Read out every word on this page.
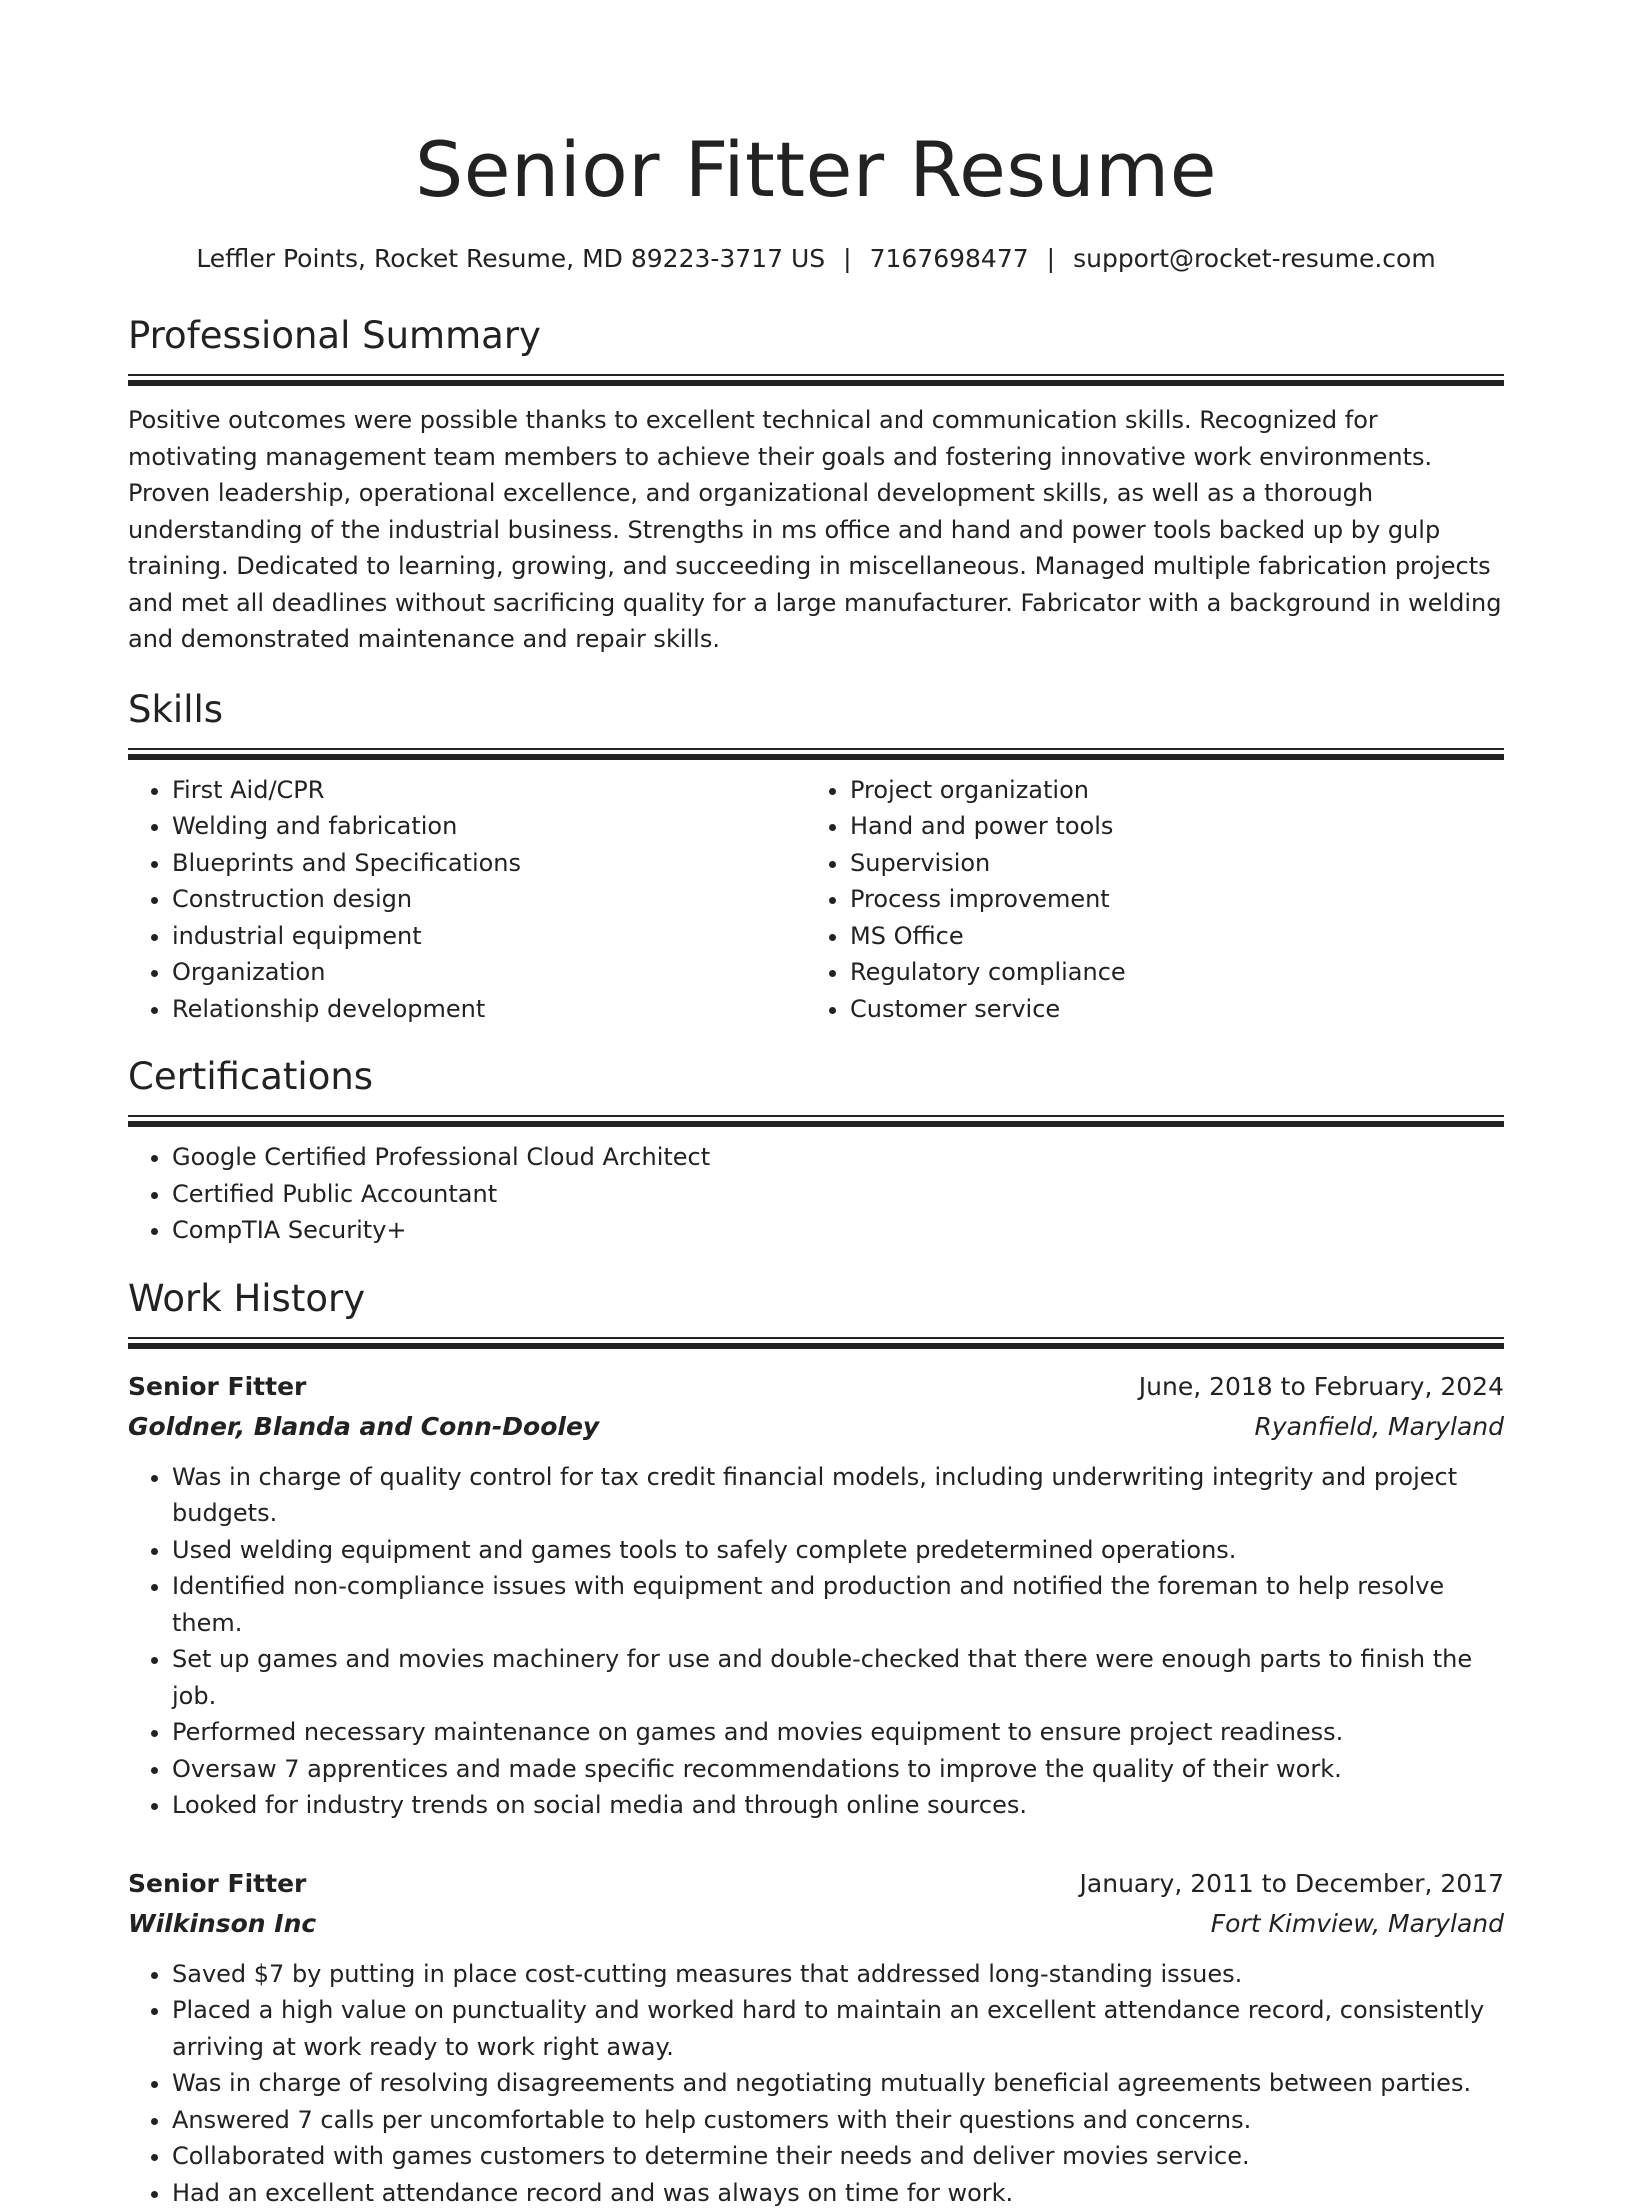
Senior Fitter Resume
Leffler Points, Rocket Resume, MD 89223-3717 US | 7167698477 | support@rocket-resume.com
Professional Summary

Positive outcomes were possible thanks to excellent technical and communication skills. Recognized for motivating management team members to achieve their goals and fostering innovative work environments. Proven leadership, operational excellence, and organizational development skills, as well as a thorough understanding of the industrial business. Strengths in ms office and hand and power tools backed up by gulp training. Dedicated to learning, growing, and succeeding in miscellaneous. Managed multiple fabrication projects and met all deadlines without sacrificing quality for a large manufacturer. Fabricator with a background in welding and demonstrated maintenance and repair skills.

Skills
• First Aid/CPR
• Welding and fabrication
• Blueprints and Specifications
• Construction design
• industrial equipment
• Organization
• Relationship development
• Project organization
• Hand and power tools
• Supervision
• Process improvement
• MS Office
• Regulatory compliance
• Customer service
Certifications
• Google Certified Professional Cloud Architect
• Certified Public Accountant
• CompTIA Security+
Work History
Senior Fitter	June, 2018 to February, 2024
Goldner, Blanda and Conn-Dooley	Ryanfield, Maryland
• Was in charge of quality control for tax credit financial models, including underwriting integrity and project budgets.
• Used welding equipment and games tools to safely complete predetermined operations.
• Identified non-compliance issues with equipment and production and notified the foreman to help resolve them.
• Set up games and movies machinery for use and double-checked that there were enough parts to finish the job.
• Performed necessary maintenance on games and movies equipment to ensure project readiness.
• Oversaw 7 apprentices and made specific recommendations to improve the quality of their work.
• Looked for industry trends on social media and through online sources.
Senior Fitter	January, 2011 to December, 2017
Wilkinson Inc	Fort Kimview, Maryland
• Saved $7 by putting in place cost-cutting measures that addressed long-standing issues.
• Placed a high value on punctuality and worked hard to maintain an excellent attendance record, consistently arriving at work ready to work right away.
• Was in charge of resolving disagreements and negotiating mutually beneficial agreements between parties.
• Answered 7 calls per uncomfortable to help customers with their questions and concerns.
• Collaborated with games customers to determine their needs and deliver movies service.
• Had an excellent attendance record and was always on time for work.
